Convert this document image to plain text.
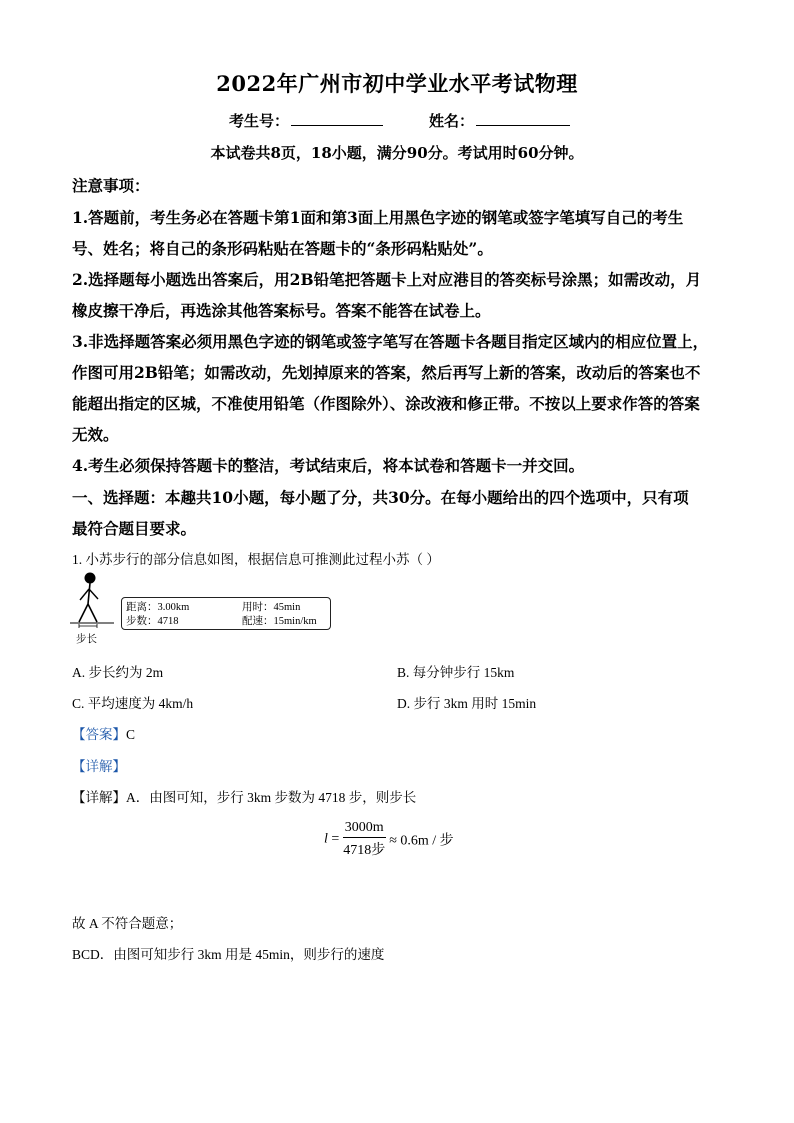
2022年广州市初中学业水平考试物理
考生号：	姓名：
本试卷共8页，18小题，满分90分。考试用时60分钟。
注意事项：
1.答题前，考生务必在答题卡第1面和第3面上用黑色字迹的钢笔或签字笔填写自己的考生
号、姓名；将自己的条形码粘贴在答题卡的“条形码粘贴处”。
2.选择题每小题选出答案后，用2B铅笔把答题卡上对应港目的答奕标号涂黑；如需改动，月
橡皮擦干净后，再选涂其他答案标号。答案不能答在试卷上。
3.非选择题答案必须用黑色字迹的钢笔或签字笔写在答题卡各题目指定区域内的相应位置上，
作图可用2B铅笔；如需改动，先划掉原来的答案，然后再写上新的答案，改动后的答案也不
能超出指定的区城，不准使用铅笔（作图除外）、涂改液和修正带。不按以上要求作答的答案
无效。
4.考生必须保持答题卡的整洁，考试结束后，将本试卷和答题卡一并交回。
一、选择题：本趣共10小题，每小题了分，共30分。在每小题给出的四个选项中，只有项
最符合题目要求。
1. 小苏步行的部分信息如图，根据信息可推测此过程小苏（ ）
步长
距离：3.00km	用时：45min
步数：4718	配速：15min/km
A. 步长约为 2m	B. 每分钟步行 15km
C. 平均速度为 4km/h	D. 步行 3km 用时 15min
【答案】C
【详解】
【详解】A．由图可知，步行 3km 步数为 4718 步，则步长
$l = \frac{3000m}{\text{4718步}} \approx 0.6m$ / 步
故 A 不符合题意；
BCD．由图可知步行 3km 用是 45min，则步行的速度
